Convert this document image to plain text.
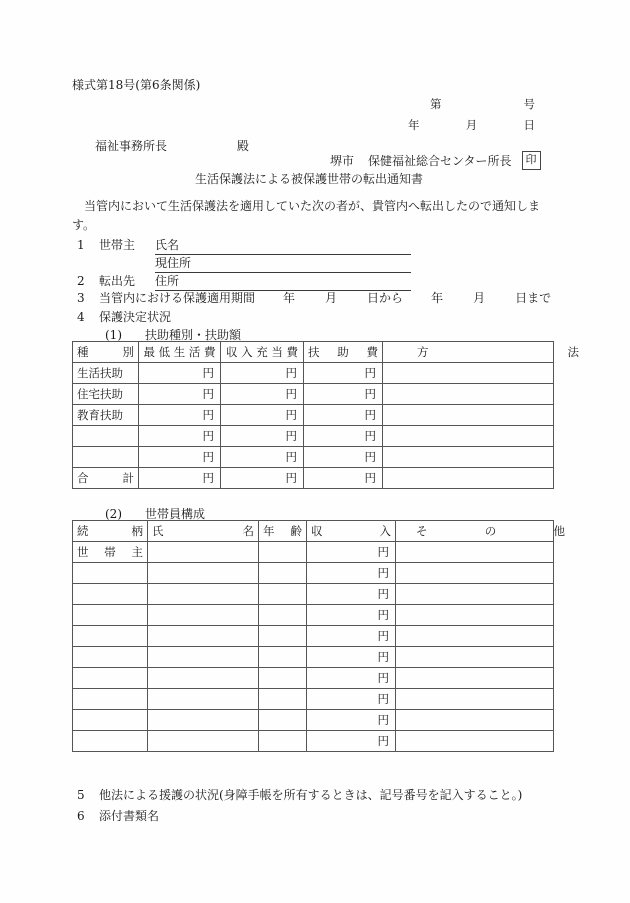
様式第18号(第6条関係)
第	号
年	月	日
福祉事務所長	殿
堺市 保健福祉総合センター所長	印
生活保護法による被保護世帯の転出通知書
当管内において生活保護法を適用していた次の者が、貴管内へ転出したので通知します。
1 世帯主 氏名
現住所
2 転出先 住所
3 当管内における保護適用期間 年	月	日から 年	月	日まで
4 保護決定状況
(1) 扶助種別・扶助額
種 別	最 低 生 活 費	収 入 充 当 費	扶 助 費	方 法

生活扶助	円	円	円	

住宅扶助	円	円	円	

教育扶助	円	円	円	

	円	円	円	

	円	円	円	

合 計	円	円	円	

(2) 世帯員構成
続 柄	氏 名	年 齢	収 入	そ の 他

世 帯 主			円	

			円	

			円	

			円	

			円	

			円	

			円	

			円	

			円	

			円	

5 他法による援護の状況(身障手帳を所有するときは、記号番号を記入すること。)
6 添付書類名
